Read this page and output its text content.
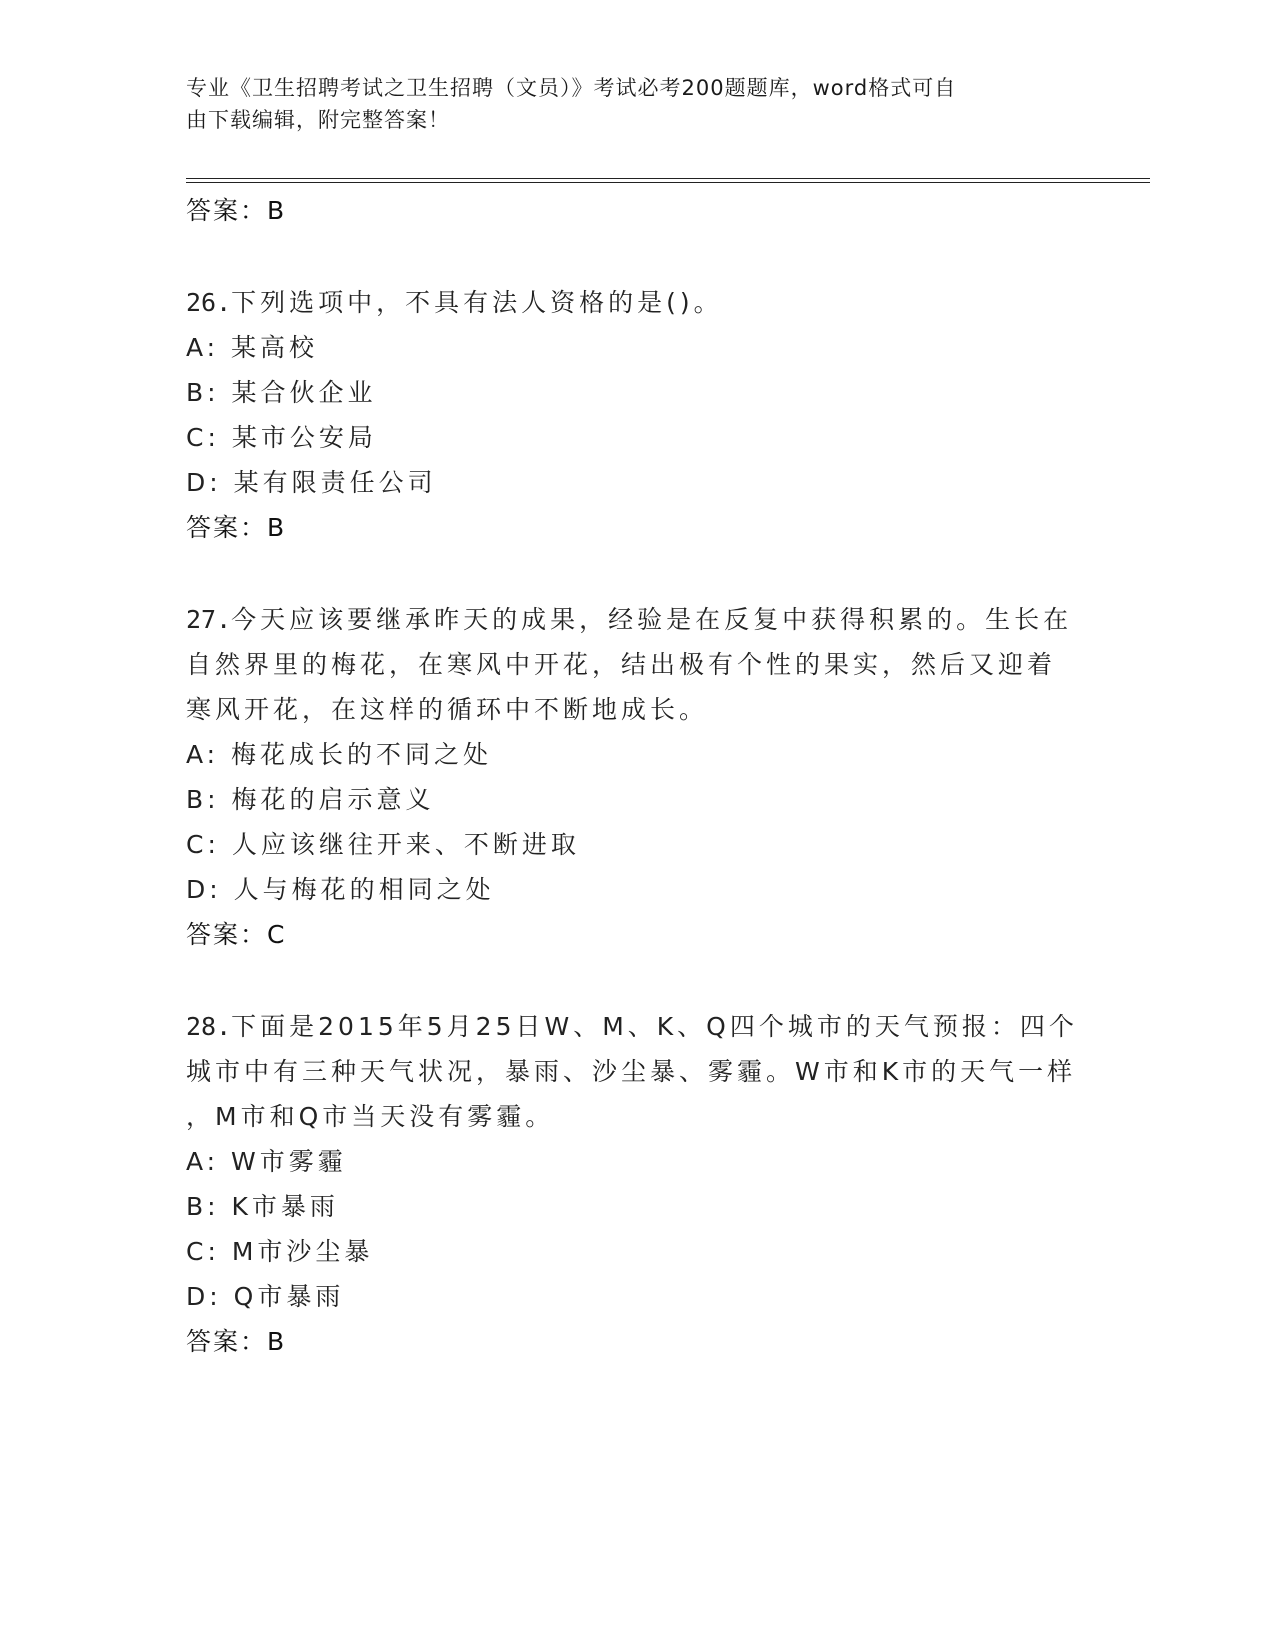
专业《卫生招聘考试之卫生招聘（文员）》考试必考200题题库，word格式可自
由下载编辑，附完整答案！
答案：B
26.下列选项中，不具有法人资格的是()。
A: 某高校
B: 某合伙企业
C: 某市公安局
D: 某有限责任公司
答案：B
27.今天应该要继承昨天的成果，经验是在反复中获得积累的。生长在
自然界里的梅花，在寒风中开花，结出极有个性的果实，然后又迎着
寒风开花，在这样的循环中不断地成长。
A: 梅花成长的不同之处
B: 梅花的启示意义
C: 人应该继往开来、不断进取
D: 人与梅花的相同之处
答案：C
28.下面是2015年5月25日W、M、K、Q四个城市的天气预报：四个
城市中有三种天气状况，暴雨、沙尘暴、雾霾。W市和K市的天气一样
，M市和Q市当天没有雾霾。
A: W市雾霾
B: K市暴雨
C: M市沙尘暴
D: Q市暴雨
答案：B
